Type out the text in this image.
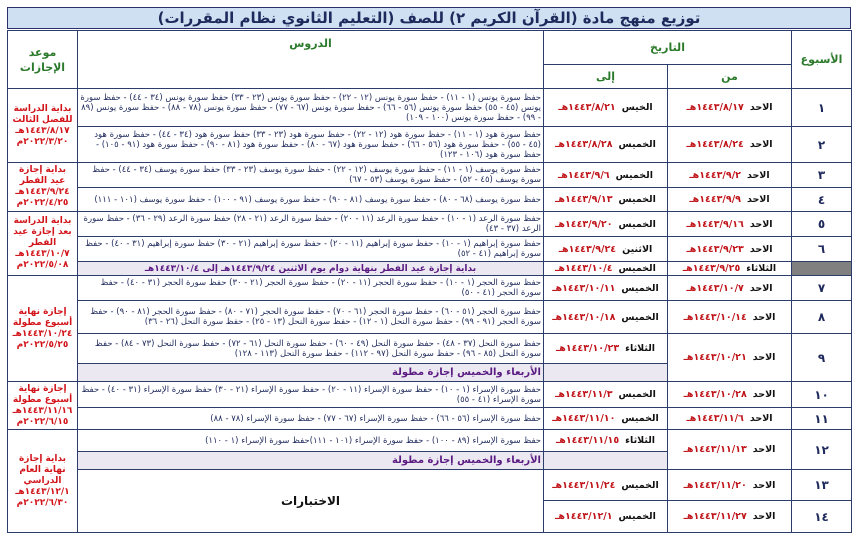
توزيع منهج مادة (القرآن الكريم ٢) للصف (التعليم الثانوي نظام المقررات)
الأسبوع	التاريخ		الدروس	موعد الإجازات
	من	إلى		
١	الاحد١٤٤٣/٨/١٧هـ	الخيس١٤٤٣/٨/٢١هـ	حفظ سورة يونس (١ - ١١) - حفظ سورة يونس (١٢ - ٢٢) - حفظ سورة يونس (٢٣ - ٣٣) حفظ سورة يونس (٣٤ - ٤٤) - حفظ سورة يونس (٤٥ - ٥٥) حفظ سورة يونس (٥٦ - ٦٦) - حفظ سورة يونس (٦٧ - ٧٧) - حفظ سورة يونس (٧٨ - ٨٨) - حفظ سورة يونس (٨٩ - ٩٩) - حفظ سورة يونس (١٠٠ - ١٠٩)	بداية الدراسة للفصل الثالث ١٤٤٣/٨/١٧هـ ٢٠٢٢/٣/٢٠م
٢	الاحد١٤٤٣/٨/٢٤هـ	الخميس١٤٤٣/٨/٢٨هـ	حفظ سورة هود (١ - ١١) - حفظ سورة هود (١٢ - ٢٢) - حفظ سورة هود (٢٣ - ٣٣) حفظ سورة هود (٣٤ - ٤٤) - حفظ سورة هود (٤٥ - ٥٥) - حفظ سورة هود (٥٦ - ٦٦) - حفظ سورة هود (٦٧ - ٨٠) - حفظ سورة هود (٨١ - ٩٠) - حفظ سورة هود (٩١ - ١٠٥) - حفظ سورة هود (١٠٦ - ١٢٣)	
٣	الاحد١٤٤٣/٩/٢هـ	الخميس١٤٤٣/٩/٦هـ	حفظ سورة يوسف (١ - ١١) - حفظ سورة يوسف (١٢ - ٢٢) - حفظ سورة يوسف (٢٣ - ٣٣) حفظ سورة يوسف (٣٤ - ٤٤) - حفظ سورة يوسف (٤٥ - ٥٢) - حفظ سورة يوسف (٥٣ - ٦٧)	بداية إجازة عيد الفطر ١٤٤٣/٩/٢٤هـ ٢٠٢٢/٤/٢٥م
٤	الاحد١٤٤٣/٩/٩هـ	الخميس١٤٤٣/٩/١٣هـ	حفظ سورة يوسف (٦٨ - ٨٠) - حفظ سورة يوسف (٨١ - ٩٠) - حفظ سورة يوسف (٩١ - ١٠٠) - حفظ سورة يوسف (١٠١ - ١١١)	
٥	الاحد١٤٤٣/٩/١٦هـ	الخميس١٤٤٣/٩/٢٠هـ	حفظ سورة الرعد (١ - ١٠) - حفظ سورة الرعد (١١ - ٢٠) - حفظ سورة الرعد (٢١ - ٢٨) حفظ سورة الرعد (٢٩ - ٣٦) - حفظ سورة الرعد (٣٧ - ٤٣)	بداية الدراسة بعد إجازة عيد الفطر ١٤٤٣/١٠/٧هـ ٢٠٢٢/٥/٠٨م
٦	الاحد١٤٤٣/٩/٢٣هـ	الاثنين١٤٤٣/٩/٢٤هـ	حفظ سورة إبراهيم (١ - ١٠) - حفظ سورة إبراهيم (١١ - ٢٠) - حفظ سورة إبراهيم (٢١ - ٣٠) حفظ سورة إبراهيم (٣١ - ٤٠) - حفظ سورة إبراهيم (٤١ - ٥٢)	
	الثلاثاء١٤٤٣/٩/٢٥هـ	الخميس١٤٤٣/١٠/٤هـ	بداية إجازة عيد الفطر بنهاية دوام يوم الاثنين ١٤٤٣/٩/٢٤هـ إلى ١٤٤٣/١٠/٤هـ	
٧	الاحد١٤٤٣/١٠/٧هـ	الخميس١٤٤٣/١٠/١١هـ	حفظ سورة الحجر (١ - ١٠) - حفظ سورة الحجر (١١ - ٢٠) - حفظ سورة الحجر (٢١ - ٣٠) حفظ سورة الحجر (٣١ - ٤٠) - حفظ سورة الحجر (٤١ - ٥٠)	إجازة نهاية أسبوع مطولة ١٤٤٣/١٠/٢٤هـ ٢٠٢٢/٥/٢٥م
٨	الاحد١٤٤٣/١٠/١٤هـ	الخميس١٤٤٣/١٠/١٨هـ	حفظ سورة الحجر (٥١ - ٦٠) - حفظ سورة الحجر (٦١ - ٧٠) - حفظ سورة الحجر (٧١ - ٨٠) - حفظ سورة الحجر (٨١ - ٩٠) - حفظ سورة الحجر (٩١ - ٩٩) - حفظ سورة النحل (١ - ١٢) - حفظ سورة النحل (١٣ - ٢٥) - حفظ سورة النحل (٢٦ - ٣٦)	
٩	الاحد١٤٤٣/١٠/٢١هـ	الثلاثاء١٤٤٣/١٠/٢٣هـ	حفظ سورة النحل (٣٧ - ٤٨) - حفظ سورة النحل (٤٩ - ٦٠) - حفظ سورة النحل (٦١ - ٧٢) - حفظ سورة النحل (٧٣ - ٨٤) - حفظ سورة النحل (٨٥ - ٩٦) - حفظ سورة النحل (٩٧ - ١١٢) - حفظ سورة النحل (١١٣ - ١٢٨)	
			الأربعاء والخميس إجازة مطولة	
١٠	الاحد١٤٤٣/١٠/٢٨هـ	الخميس١٤٤٣/١١/٣هـ	حفظ سورة الإسراء (١ - ١٠) - حفظ سورة الإسراء (١١ - ٢٠) - حفظ سورة الإسراء (٢١ - ٣٠) حفظ سورة الإسراء (٣١ - ٤٠) - حفظ سورة الإسراء (٤١ - ٥٥)	إجازة نهاية أسبوع مطولة ١٤٤٣/١١/١٦هـ ٢٠٢٢/٦/١٥م
١١	الاحد١٤٤٣/١١/٦هـ	الخميس١٤٤٣/١١/١٠هـ	حفظ سورة الإسراء (٥٦ - ٦٦) - حفظ سورة الإسراء (٦٧ - ٧٧) - حفظ سورة الإسراء (٧٨ - ٨٨)	
١٢	الاحد١٤٤٣/١١/١٣هـ	الثلاثاء١٤٤٣/١١/١٥هـ	حفظ سورة الإسراء (٨٩ - ١٠٠) - حفظ سورة الإسراء (١٠١ - ١١١)حفظ سورة الإسراء (١ - ١١٠)	بداية إجازة نهاية العام الدراسي ١٤٤٣/١٢/١هـ ٢٠٢٢/٦/٣٠م
			الأربعاء والخميس إجازة مطولة	
١٣	الاحد١٤٤٣/١١/٢٠هـ	الخميس١٤٤٣/١١/٢٤هـ	الاختبارات	
١٤	الاحد١٤٤٣/١١/٢٧هـ	الخميس١٤٤٣/١٢/١هـ		
